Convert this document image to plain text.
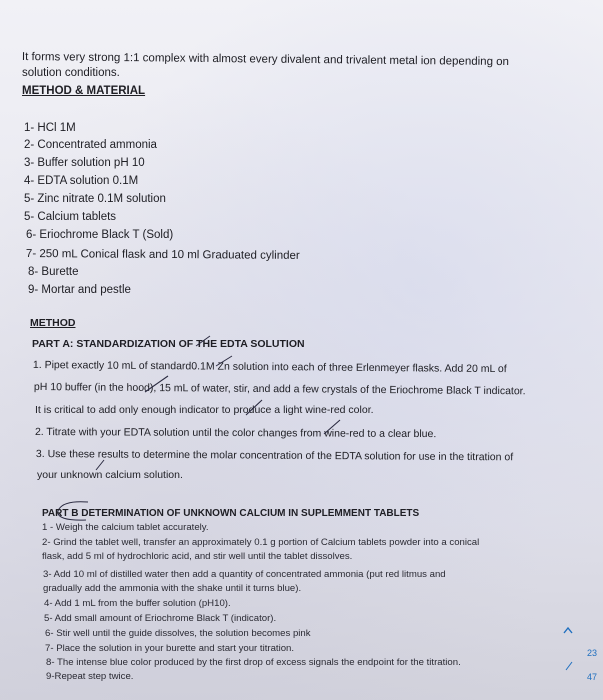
It forms very strong 1:1 complex with almost every divalent and trivalent metal ion depending on
solution conditions.
METHOD & MATERIAL
1- HCl 1M
2- Concentrated ammonia
3- Buffer solution pH 10
4- EDTA solution 0.1M
5- Zinc nitrate 0.1M solution
5- Calcium tablets
6- Eriochrome Black T (Sold)
7- 250 mL Conical flask and 10 ml Graduated cylinder
8- Burette
9- Mortar and pestle
METHOD
PART A: STANDARDIZATION OF THE EDTA SOLUTION
1. Pipet exactly 10 mL of standard0.1M Zn solution into each of three Erlenmeyer flasks. Add 20 mL of
pH 10 buffer (in the hood), 15 mL of water, stir, and add a few crystals of the Eriochrome Black T indicator.
It is critical to add only enough indicator to produce a light wine-red color.
2. Titrate with your EDTA solution until the color changes from wine-red to a clear blue.
3. Use these results to determine the molar concentration of the EDTA solution for use in the titration of
your unknown calcium solution.
PART B DETERMINATION OF UNKNOWN CALCIUM IN SUPLEMMENT TABLETS
1 - Weigh the calcium tablet accurately.
2- Grind the tablet well, transfer an approximately 0.1 g portion of Calcium tablets powder into a conical
flask, add 5 ml of hydrochloric acid, and stir well until the tablet dissolves.
3- Add 10 ml of distilled water then add a quantity of concentrated ammonia (put red litmus and
gradually add the ammonia with the shake until it turns blue).
4- Add 1 mL from the buffer solution (pH10).
5- Add small amount of Eriochrome Black T (indicator).
6- Stir well until the guide dissolves, the solution becomes pink
7- Place the solution in your burette and start your titration.
8- The intense blue color produced by the first drop of excess signals the endpoint for the titration.
9-Repeat step twice.
23
47
